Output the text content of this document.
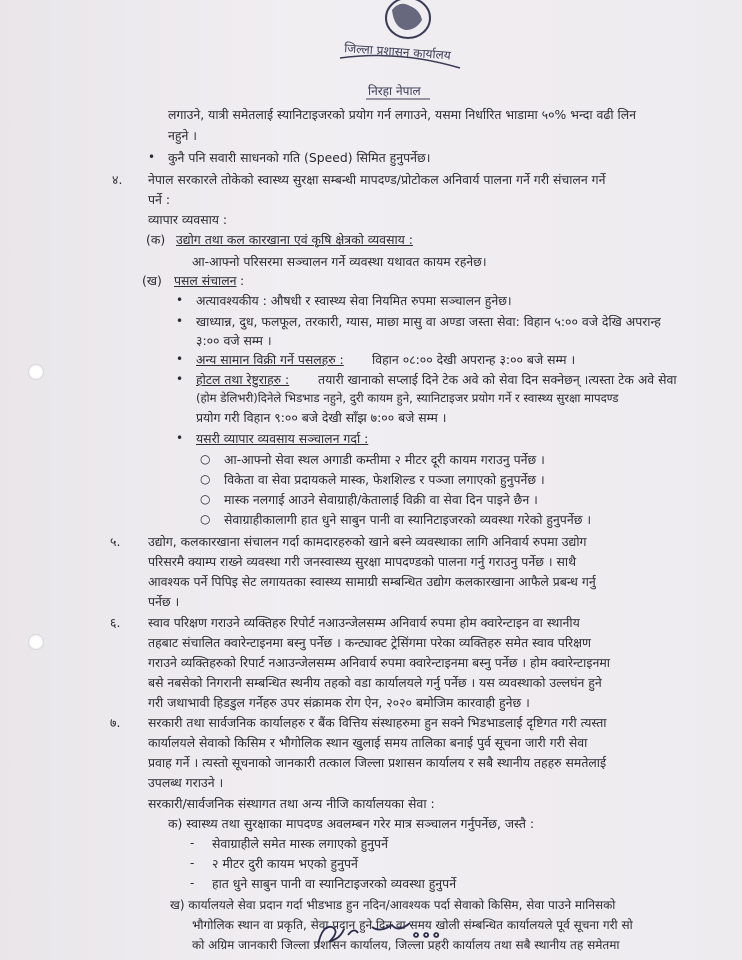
जिल्ला प्रशासन कार्यालय
निरहा नेपाल
लगाउने, यात्री समेतलाई स्यानिटाइजरको प्रयोग गर्न लगाउने, यसमा निर्धारित भाडामा ५०% भन्दा वढी लिन
नहुने ।
• कुनै पनि सवारी साधनको गति (Speed) सिमित हुनुपर्नेछ।
४. नेपाल सरकारले तोकेको स्वास्थ्य सुरक्षा सम्बन्धी मापदण्ड/प्रोटोकल अनिवार्य पालना गर्ने गरी संचालन गर्ने
पर्ने :
व्यापार व्यवसाय :
(क) उद्योग तथा कल कारखाना एवं कृषि क्षेत्रको व्यवसाय :
आ-आफ्नो परिसरमा सञ्चालन गर्ने व्यवस्था यथावत कायम रहनेछ।
(ख) पसल संचालन :
• अत्यावश्यकीय : औषधी र स्वास्थ्य सेवा नियमित रुपमा सञ्चालन हुनेछ।
• खाध्यान्न, दुध, फलफूल, तरकारी, ग्यास, माछा मासु वा अण्डा जस्ता सेवा: विहान ५:०० वजे देखि अपरान्ह
३:०० वजे सम्म ।
• अन्य सामान विक्री गर्ने पसलहरु : विहान ०८:०० देखी अपरान्ह ३:०० बजे सम्म ।
• होटल तथा रेष्टुराहरु : तयारी खानाको सप्लाई दिने टेक अवे को सेवा दिन सक्नेछन् ।त्यस्ता टेक अवे सेवा
(होम डेलिभरी)दिनेले भिडभाड नहुने, दुरी कायम हुने, स्यानिटाइजर प्रयोग गर्ने र स्वास्थ्य सुरक्षा मापदण्ड
प्रयोग गरी विहान ९:०० बजे देखी साँझ ७:०० बजे सम्म ।
• यसरी व्यापार व्यवसाय सञ्चालन गर्दा :
○ आ-आफ्नो सेवा स्थल अगाडी कम्तीमा २ मीटर दूरी कायम गराउनु पर्नेछ ।
○ विकेता वा सेवा प्रदायकले मास्क, फेशशिल्ड र पञ्जा लगाएको हुनुपर्नेछ ।
○ मास्क नलगाई आउने सेवाग्राही/केतालाई विक्री वा सेवा दिन पाइने छैन ।
○ सेवाग्राहीकालागी हात धुने साबुन पानी वा स्यानिटाइजरको व्यवस्था गरेको हुनुपर्नेछ ।
५. उद्योग, कलकारखाना संचालन गर्दा कामदारहरुको खाने बस्ने व्यवस्थाका लागि अनिवार्य रुपमा उद्योग
परिसरमै क्याम्प राख्ने व्यवस्था गरी जनस्वास्थ्य सुरक्षा मापदण्डको पालना गर्नु गराउनु पर्नेछ । साथै
आवश्यक पर्ने पिपिइ सेट लगायतका स्वास्थ्य सामाग्री सम्बन्धित उद्योग कलकारखाना आफैले प्रबन्ध गर्नु
पर्नेछ ।
६. स्वाव परिक्षण गराउने व्यक्तिहरु रिपोर्ट नआउन्जेलसम्म अनिवार्य रुपमा होम क्वारेन्टाइन वा स्थानीय
तहबाट संचालित क्वारेन्टाइनमा बस्नु पर्नेछ । कन्ट्याक्ट ट्रेसिंगमा परेका व्यक्तिहरु समेत स्वाव परिक्षण
गराउने व्यक्तिहरुको रिपार्ट नआउन्जेलसम्म अनिवार्य रुपमा क्वारेन्टाइनमा बस्नु पर्नेछ । होम क्वारेन्टाइनमा
बसे नबसेको निगरानी सम्बन्धित स्थनीय तहको वडा कार्यालयले गर्नु पर्नेछ । यस व्यवस्थाको उल्लघंन हुने
गरी जथाभावी हिडडुल गर्नेहरु उपर संक्रामक रोग ऐन, २०२० बमोजिम कारवाही हुनेछ ।
७. सरकारी तथा सार्वजनिक कार्यालहरु र बैंक वित्तिय संस्थाहरुमा हुन सक्ने भिडभाडलाई दृष्टिगत गरी त्यस्ता
कार्यालयले सेवाको किसिम र भौगोलिक स्थान खुलाई समय तालिका बनाई पुर्व सूचना जारी गरी सेवा
प्रवाह गर्ने । त्यस्तो सूचनाको जानकारी तत्काल जिल्ला प्रशासन कार्यालय र सबै स्थानीय तहहरु समतेलाई
उपलब्ध गराउने ।
सरकारी/सार्वजनिक संस्थागत तथा अन्य नीजि कार्यालयका सेवा :
क) स्वास्थ्य तथा सुरक्षाका मापदण्ड अवलम्बन गरेर मात्र सञ्चालन गर्नुपर्नेछ, जस्तै :
- सेवाग्राहीले समेत मास्क लगाएको हुनुपर्ने
- २ मीटर दुरी कायम भएको हुनुपर्ने
- हात धुने साबुन पानी वा स्यानिटाइजरको व्यवस्था हुनुपर्ने
ख) कार्यालयले सेवा प्रदान गर्दा भीडभाड हुन नदिन/आवश्यक पर्दा सेवाको किसिम, सेवा पाउने मानिसको
भौगोलिक स्थान वा प्रकृति, सेवा प्रदान हुने दिन वा समय खोली संम्बन्धित कार्यालयले पूर्व सूचना गरी सो
को अग्रिम जानकारी जिल्ला प्रशासन कार्यालय, जिल्ला प्रहरी कार्यालय तथा सबै स्थानीय तह समेतमा
